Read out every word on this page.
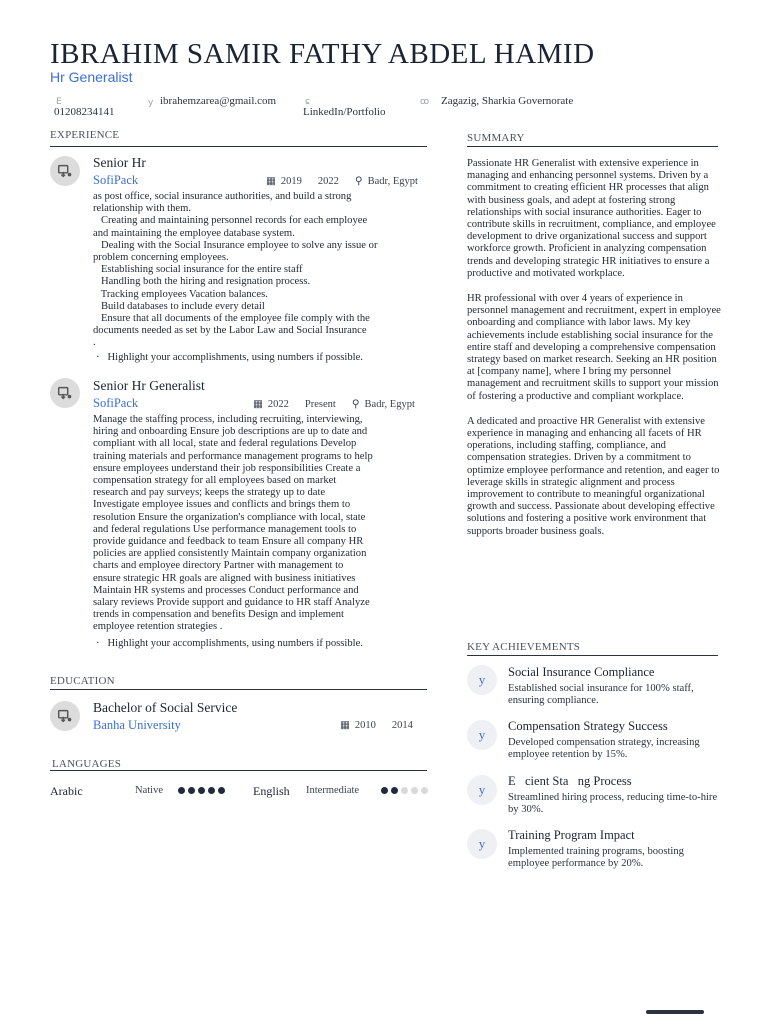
IBRAHIM SAMIR FATHY ABDEL HAMID
Hr Generalist
E
01208234141
y ibrahemzarea@gmail.com	ɕ
LinkedIn/Portfolio
ꝏ Zagazig, Sharkia Governorate
EXPERIENCE
Senior Hr
SofiPack	▦ 2019 2022 ⚲ Badr, Egypt

as post office, social insurance authorities, and build a strong

relationship with them.

Creating and maintaining personnel records for each employee

and maintaining the employee database system.

Dealing with the Social Insurance employee to solve any issue or

problem concerning employees.

Establishing social insurance for the entire staff

Handling both the hiring and resignation process.

Tracking employees Vacation balances.

Build databases to include every detail

Ensure that all documents of the employee file comply with the

documents needed as set by the Labor Law and Social Insurance

.

· Highlight your accomplishments, using numbers if possible.
Senior Hr Generalist
SofiPack	▦ 2022 Present ⚲ Badr, Egypt

Manage the staffing process, including recruiting, interviewing,

hiring and onboarding Ensure job descriptions are up to date and

compliant with all local, state and federal regulations Develop

training materials and performance management programs to help

ensure employees understand their job responsibilities Create a

compensation strategy for all employees based on market

research and pay surveys; keeps the strategy up to date

Investigate employee issues and conflicts and brings them to

resolution Ensure the organization's compliance with local, state

and federal regulations Use performance management tools to

provide guidance and feedback to team Ensure all company HR

policies are applied consistently Maintain company organization

charts and employee directory Partner with management to

ensure strategic HR goals are aligned with business initiatives

Maintain HR systems and processes Conduct performance and

salary reviews Provide support and guidance to HR staff Analyze

trends in compensation and benefits Design and implement

employee retention strategies .

· Highlight your accomplishments, using numbers if possible.
EDUCATION
Bachelor of Social Service
Banha University	▦ 2010 2014
LANGUAGES
Arabic	Native	English Intermediate
SUMMARY

Passionate HR Generalist with extensive experience in managing and enhancing personnel systems. Driven by a commitment to creating efficient HR processes that align with business goals, and adept at fostering strong relationships with social insurance authorities. Eager to contribute skills in recruitment, compliance, and employee development to drive organizational success and support workforce growth. Proficient in analyzing compensation trends and developing strategic HR initiatives to ensure a productive and motivated workplace.

HR professional with over 4 years of experience in personnel management and recruitment, expert in employee onboarding and compliance with labor laws. My key achievements include establishing social insurance for the entire staff and developing a comprehensive compensation strategy based on market research. Seeking an HR position at [company name], where I bring my personnel management and recruitment skills to support your mission of fostering a productive and compliant workplace.

A dedicated and proactive HR Generalist with extensive experience in managing and enhancing all facets of HR operations, including staffing, compliance, and compensation strategies. Driven by a commitment to optimize employee performance and retention, and eager to leverage skills in strategic alignment and process improvement to contribute to meaningful organizational growth and success. Passionate about developing effective solutions and fostering a positive work environment that supports broader business goals.

KEY ACHIEVEMENTS
y	Social Insurance Compliance
Established social insurance for 100% staff, ensuring compliance.
y
Compensation Strategy Success
Developed compensation strategy, increasing employee retention by 15%.
y
E   cient Sta   ng Process
Streamlined hiring process, reducing time-to-hire by 30%.
y
Training Program Impact
Implemented training programs, boosting employee performance by 20%.
